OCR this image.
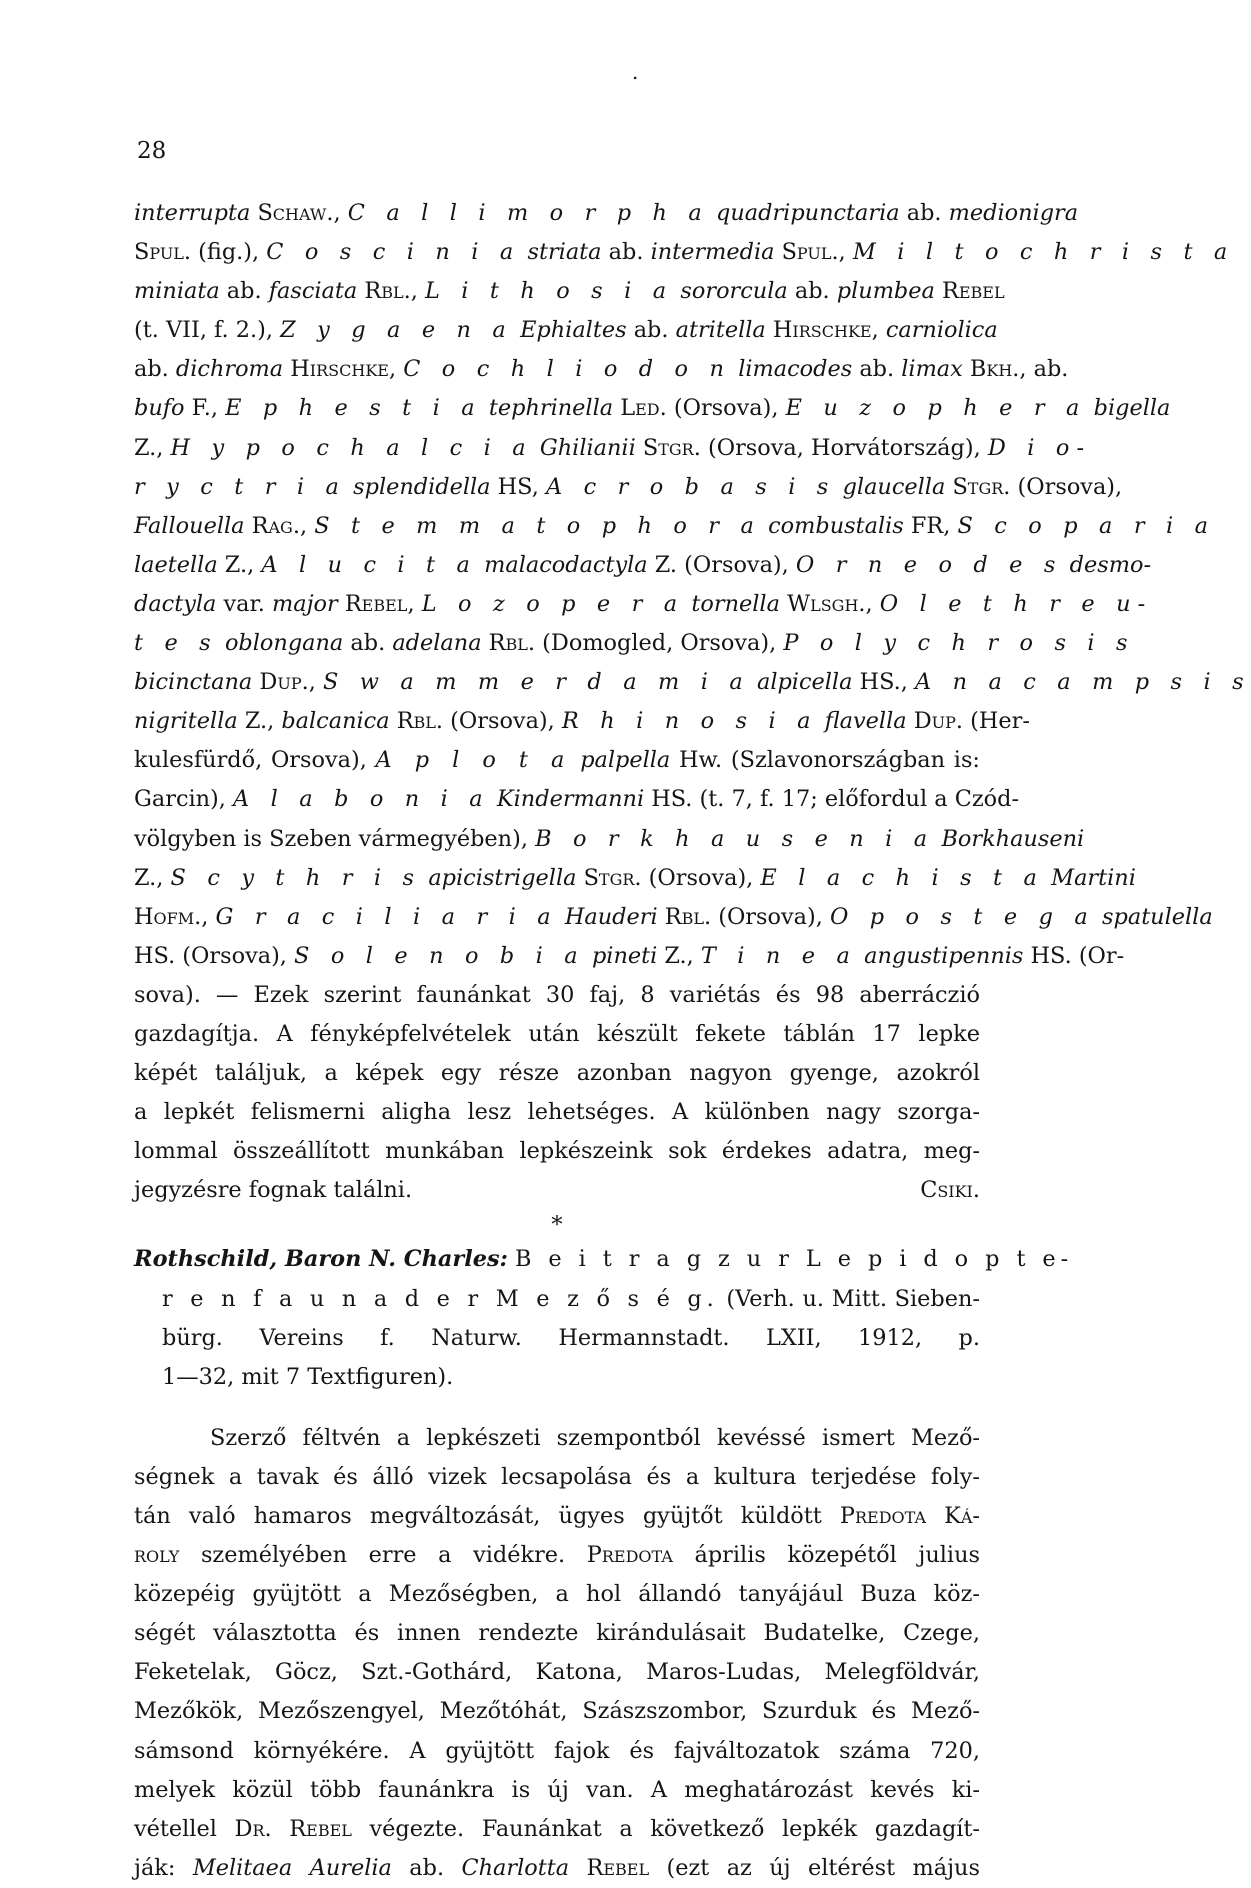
28
.
interrupta Schaw., C a l l i m o r p h a quadripunctaria ab. medionigra
Spul. (fig.), C o s c i n i a striata ab. intermedia Spul., M i l t o c h r i s t a
miniata ab. fasciata Rbl., L i t h o s i a sororcula ab. plumbea Rebel
(t. VII, f. 2.), Z y g a e n a Ephialtes ab. atritella Hirschke, carniolica
ab. dichroma Hirschke, C o c h l i o d o n limacodes ab. limax Bkh., ab.
bufo F., E p h e s t i a tephrinella Led. (Orsova), E u z o p h e r a bigella
Z., H y p o c h a l c i a Ghilianii Stgr. (Orsova, Horvátország), D i o-
r y c t r i a splendidella HS, A c r o b a s i s glaucella Stgr. (Orsova),
Fallouella Rag., S t e m m a t o p h o r a combustalis FR, S c o p a r i a
laetella Z., A l u c i t a malacodactyla Z. (Orsova), O r n e o d e s desmo-
dactyla var. major Rebel, L o z o p e r a tornella Wlsgh., O l e t h r e u-
t e s oblongana ab. adelana Rbl. (Domogled, Orsova), P o l y c h r o s i s
bicinctana Dup., S w a m m e r d a m i a alpicella HS., A n a c a m p s i s
nigritella Z., balcanica Rbl. (Orsova), R h i n o s i a flavella Dup. (Her-
kulesfürdő, Orsova), A p l o t a palpella Hw. (Szlavonországban is:
Garcin), A l a b o n i a Kindermanni HS. (t. 7, f. 17; előfordul a Czód-
völgyben is Szeben vármegyében), B o r k h a u s e n i a Borkhauseni
Z., S c y t h r i s apicistrigella Stgr. (Orsova), E l a c h i s t a Martini
Hofm., G r a c i l i a r i a Hauderi Rbl. (Orsova), O p o s t e g a spatulella
HS. (Orsova), S o l e n o b i a pineti Z., T i n e a angustipennis HS. (Or-
sova). — Ezek szerint faunánkat 30 faj, 8 variétás és 98 aberráczió
gazdagítja. A fényképfelvételek után készült fekete táblán 17 lepke
képét találjuk, a képek egy része azonban nagyon gyenge, azokról
a lepkét felismerni aligha lesz lehetséges. A különben nagy szorga-
lommal összeállított munkában lepkészeink sok érdekes adatra, meg-
jegyzésre fognak találni.	Csiki.
*
Rothschild, Baron N. Charles: B e i t r a g z u r L e p i d o p t e-
r e n f a u n a d e r M e z ő s é g. (Verh. u. Mitt. Sieben-
bürg. Vereins f. Naturw. Hermannstadt. LXII, 1912, p.
1—32, mit 7 Textfiguren).
Szerző féltvén a lepkészeti szempontból kevéssé ismert Mező-
ségnek a tavak és álló vizek lecsapolása és a kultura terjedése foly-
tán való hamaros megváltozását, ügyes gyüjtőt küldött Predota Ká-
roly személyében erre a vidékre. Predota április közepétől julius
közepéig gyüjtött a Mezőségben, a hol állandó tanyájául Buza köz-
ségét választotta és innen rendezte kirándulásait Budatelke, Czege,
Feketelak, Göcz, Szt.-Gothárd, Katona, Maros-Ludas, Melegföldvár,
Mezőkök, Mezőszengyel, Mezőtóhát, Szászszombor, Szurduk és Mező-
sámsond környékére. A gyüjtött fajok és fajváltozatok száma 720,
melyek közül több faunánkra is új van. A meghatározást kevés ki-
vétellel Dr. Rebel végezte. Faunánkat a következő lepkék gazdagít-
ják: Melitaea Aurelia ab. Charlotta Rebel (ezt az új eltérést május
